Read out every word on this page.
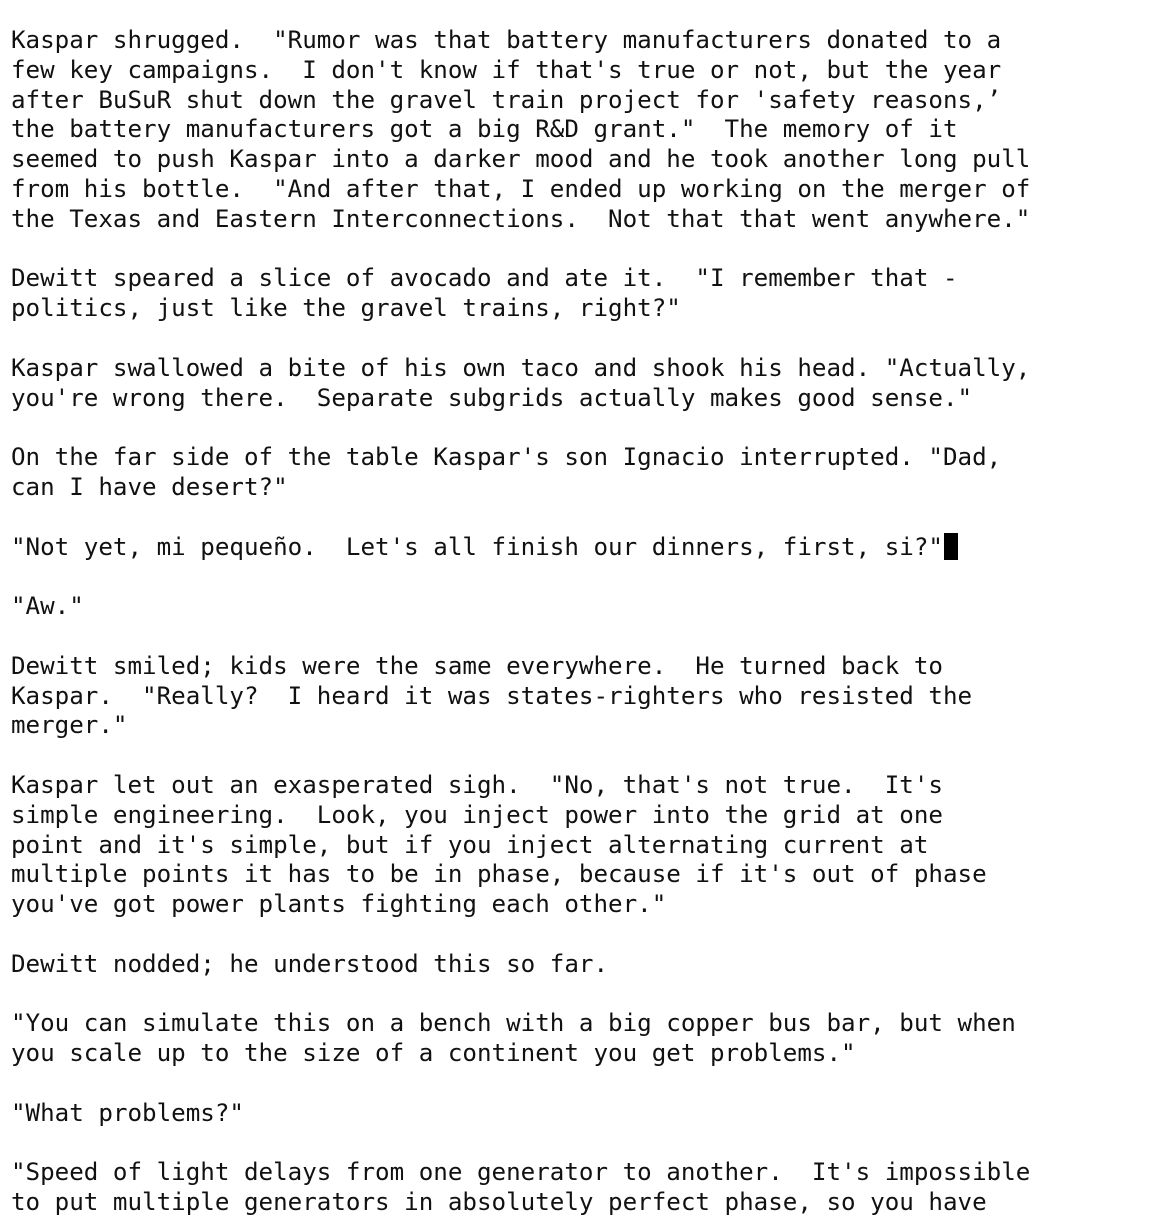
Kaspar shrugged.  "Rumor was that battery manufacturers donated to a
few key campaigns.  I don't know if that's true or not, but the year
after BuSuR shut down the gravel train project for 'safety reasons,’
the battery manufacturers got a big R&D grant."  The memory of it
seemed to push Kaspar into a darker mood and he took another long pull
from his bottle.  "And after that, I ended up working on the merger of
the Texas and Eastern Interconnections.  Not that that went anywhere."
Dewitt speared a slice of avocado and ate it.  "I remember that -
politics, just like the gravel trains, right?"
Kaspar swallowed a bite of his own taco and shook his head. "Actually,
you're wrong there.  Separate subgrids actually makes good sense."
On the far side of the table Kaspar's son Ignacio interrupted. "Dad,
can I have desert?"
"Not yet, mi pequeño.  Let's all finish our dinners, first, si?"
"Aw."
Dewitt smiled; kids were the same everywhere.  He turned back to
Kaspar.  "Really?  I heard it was states-righters who resisted the
merger."
Kaspar let out an exasperated sigh.  "No, that's not true.  It's
simple engineering.  Look, you inject power into the grid at one
point and it's simple, but if you inject alternating current at
multiple points it has to be in phase, because if it's out of phase
you've got power plants fighting each other."
Dewitt nodded; he understood this so far.
"You can simulate this on a bench with a big copper bus bar, but when
you scale up to the size of a continent you get problems."
"What problems?"
"Speed of light delays from one generator to another.  It's impossible
to put multiple generators in absolutely perfect phase, so you have
